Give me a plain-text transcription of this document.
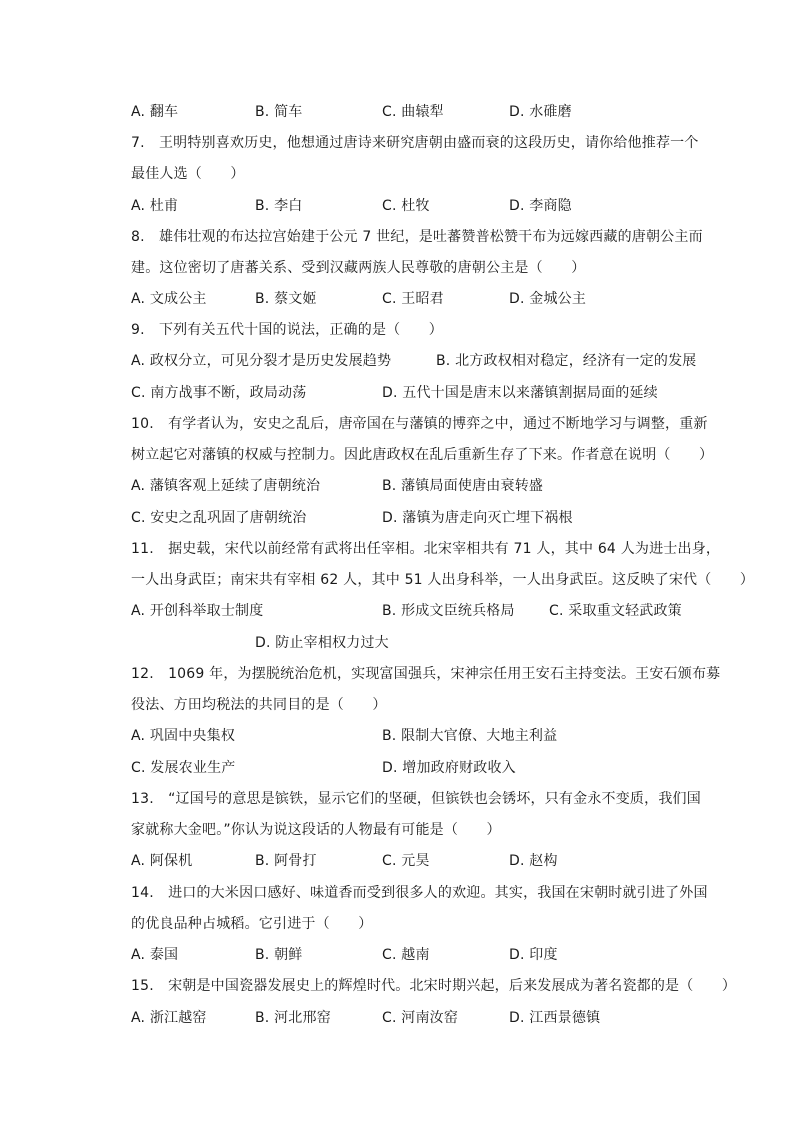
A. 翻车	B. 简车	C. 曲辕犁	D. 水碓磨
7.　王明特别喜欢历史，他想通过唐诗来研究唐朝由盛而衰的这段历史，请你给他推荐一个
最佳人选（　　）
A. 杜甫	B. 李白	C. 杜牧	D. 李商隐
8.　雄伟壮观的布达拉宫始建于公元 7 世纪，是吐蕃赞普松赞干布为远嫁西藏的唐朝公主而
建。这位密切了唐蕃关系、受到汉藏两族人民尊敬的唐朝公主是（　　）
A. 文成公主	B. 蔡文姬	C. 王昭君	D. 金城公主
9.　下列有关五代十国的说法，正确的是（　　）
A. 政权分立，可见分裂才是历史发展趋势	B. 北方政权相对稳定，经济有一定的发展
C. 南方战事不断，政局动荡	D. 五代十国是唐末以来藩镇割据局面的延续
10.　有学者认为，安史之乱后，唐帝国在与藩镇的博弈之中，通过不断地学习与调整，重新
树立起它对藩镇的权威与控制力。因此唐政权在乱后重新生存了下来。作者意在说明（　　）
A. 藩镇客观上延续了唐朝统治	B. 藩镇局面使唐由衰转盛
C. 安史之乱巩固了唐朝统治	D. 藩镇为唐走向灭亡埋下祸根
11.　据史载，宋代以前经常有武将出任宰相。北宋宰相共有 71 人，其中 64 人为进士出身，
一人出身武臣；南宋共有宰相 62 人，其中 51 人出身科举，一人出身武臣。这反映了宋代（　　）
A. 开创科举取士制度	B. 形成文臣统兵格局 C. 采取重文轻武政策
D. 防止宰相权力过大
12.　1069 年，为摆脱统治危机，实现富国强兵，宋神宗任用王安石主持变法。王安石颁布募
役法、方田均税法的共同目的是（　　）
A. 巩固中央集权	B. 限制大官僚、大地主利益
C. 发展农业生产	D. 增加政府财政收入
13.　“辽国号的意思是镔铁，显示它们的坚硬，但镔铁也会锈坏，只有金永不变质，我们国
家就称大金吧。”你认为说这段话的人物最有可能是（　　）
A. 阿保机	B. 阿骨打	C. 元昊	D. 赵构
14.　进口的大米因口感好、味道香而受到很多人的欢迎。其实，我国在宋朝时就引进了外国
的优良品种占城稻。它引进于（　　）
A. 泰国	B. 朝鲜	C. 越南	D. 印度
15.　宋朝是中国瓷器发展史上的辉煌时代。北宋时期兴起，后来发展成为著名瓷都的是（　　）
A. 浙江越窑	B. 河北邢窑	C. 河南汝窑	D. 江西景德镇
